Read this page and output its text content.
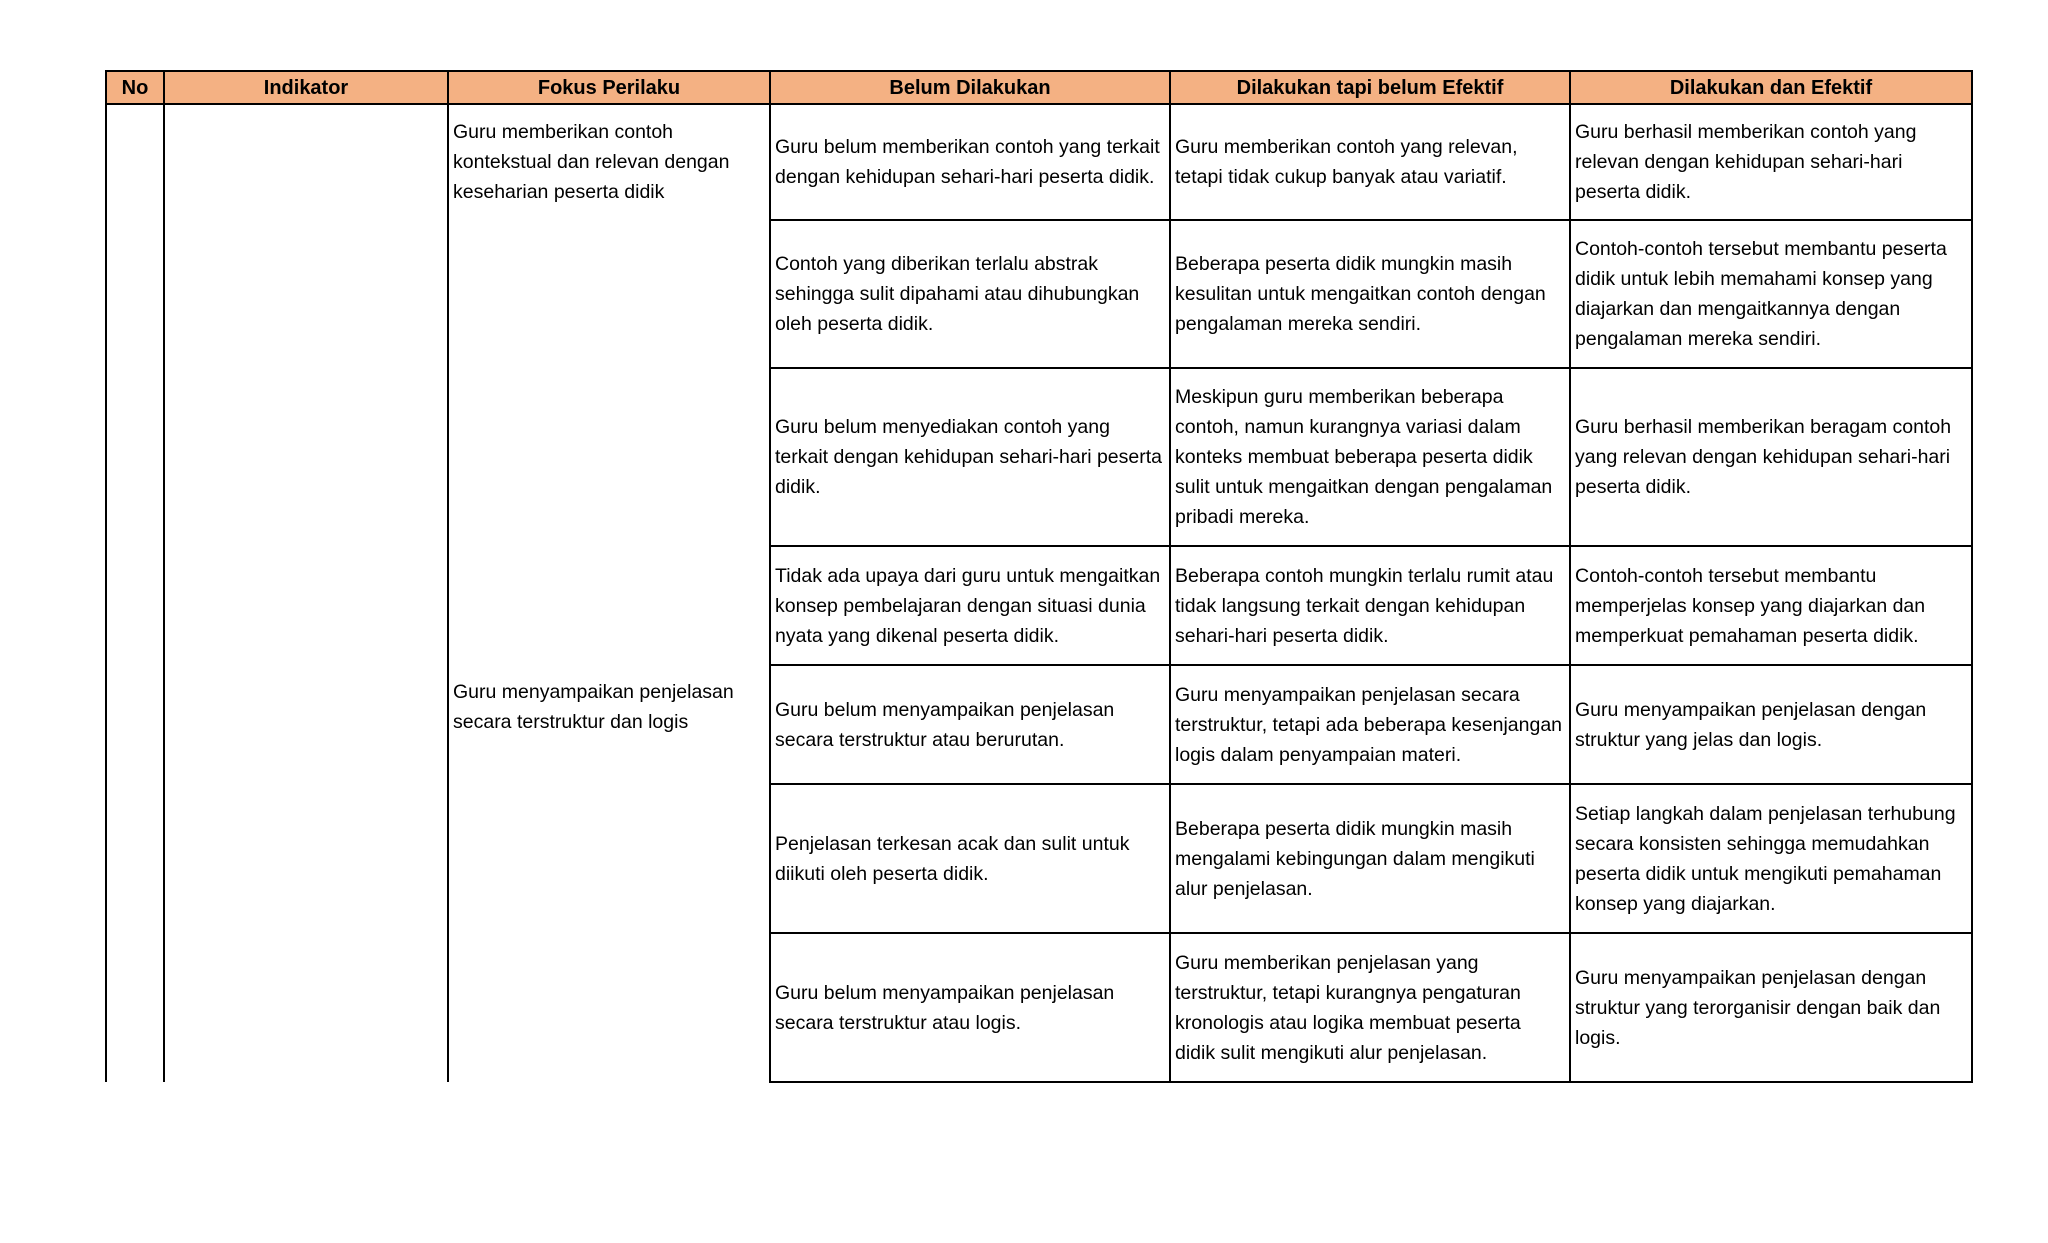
No	Indikator	Fokus Perilaku	Belum Dilakukan	Dilakukan tapi belum Efektif	Dilakukan dan Efektif
		Guru memberikan contoh kontekstual dan relevan dengan keseharian peserta didik	Guru belum memberikan contoh yang terkait dengan kehidupan sehari-hari peserta didik.	Guru memberikan contoh yang relevan, tetapi tidak cukup banyak atau variatif.	Guru berhasil memberikan contoh yang relevan dengan kehidupan sehari-hari peserta didik.
			Contoh yang diberikan terlalu abstrak sehingga sulit dipahami atau dihubungkan oleh peserta didik.	Beberapa peserta didik mungkin masih kesulitan untuk mengaitkan contoh dengan pengalaman mereka sendiri.	Contoh-contoh tersebut membantu peserta didik untuk lebih memahami konsep yang diajarkan dan mengaitkannya dengan pengalaman mereka sendiri.
			Guru belum menyediakan contoh yang terkait dengan kehidupan sehari-hari peserta didik.	Meskipun guru memberikan beberapa contoh, namun kurangnya variasi dalam konteks membuat beberapa peserta didik sulit untuk mengaitkan dengan pengalaman pribadi mereka.	Guru berhasil memberikan beragam contoh yang relevan dengan kehidupan sehari-hari peserta didik.
			Tidak ada upaya dari guru untuk mengaitkan konsep pembelajaran dengan situasi dunia nyata yang dikenal peserta didik.	Beberapa contoh mungkin terlalu rumit atau tidak langsung terkait dengan kehidupan sehari-hari peserta didik.	Contoh-contoh tersebut membantu memperjelas konsep yang diajarkan dan memperkuat pemahaman peserta didik.

		Guru menyampaikan penjelasan secara terstruktur dan logis	Guru belum menyampaikan penjelasan secara terstruktur atau berurutan.	Guru menyampaikan penjelasan secara terstruktur, tetapi ada beberapa kesenjangan logis dalam penyampaian materi.	Guru menyampaikan penjelasan dengan struktur yang jelas dan logis.
			Penjelasan terkesan acak dan sulit untuk diikuti oleh peserta didik.	Beberapa peserta didik mungkin masih mengalami kebingungan dalam mengikuti alur penjelasan.	Setiap langkah dalam penjelasan terhubung secara konsisten sehingga memudahkan peserta didik untuk mengikuti pemahaman konsep yang diajarkan.
			Guru belum menyampaikan penjelasan secara terstruktur atau logis.	Guru memberikan penjelasan yang terstruktur, tetapi kurangnya pengaturan kronologis atau logika membuat peserta didik sulit mengikuti alur penjelasan.	Guru menyampaikan penjelasan dengan struktur yang terorganisir dengan baik dan logis.
